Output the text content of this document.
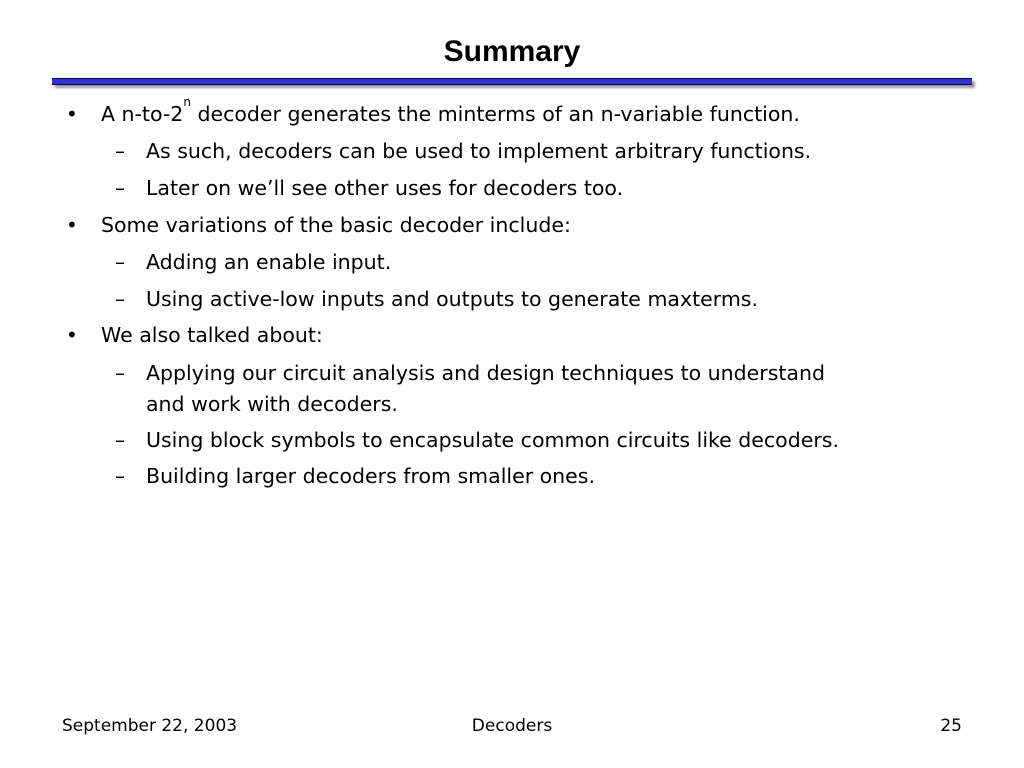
Summary
• A n-to-2$^n$ decoder generates the minterms of an n-variable function.
– As such, decoders can be used to implement arbitrary functions.
– Later on we’ll see other uses for decoders too.
• Some variations of the basic decoder include:
– Adding an enable input.
– Using active-low inputs and outputs to generate maxterms.
• We also talked about:
– Applying our circuit analysis and design techniques to understand
and work with decoders.
– Using block symbols to encapsulate common circuits like decoders.
– Building larger decoders from smaller ones.
September 22, 2003	Decoders	25
